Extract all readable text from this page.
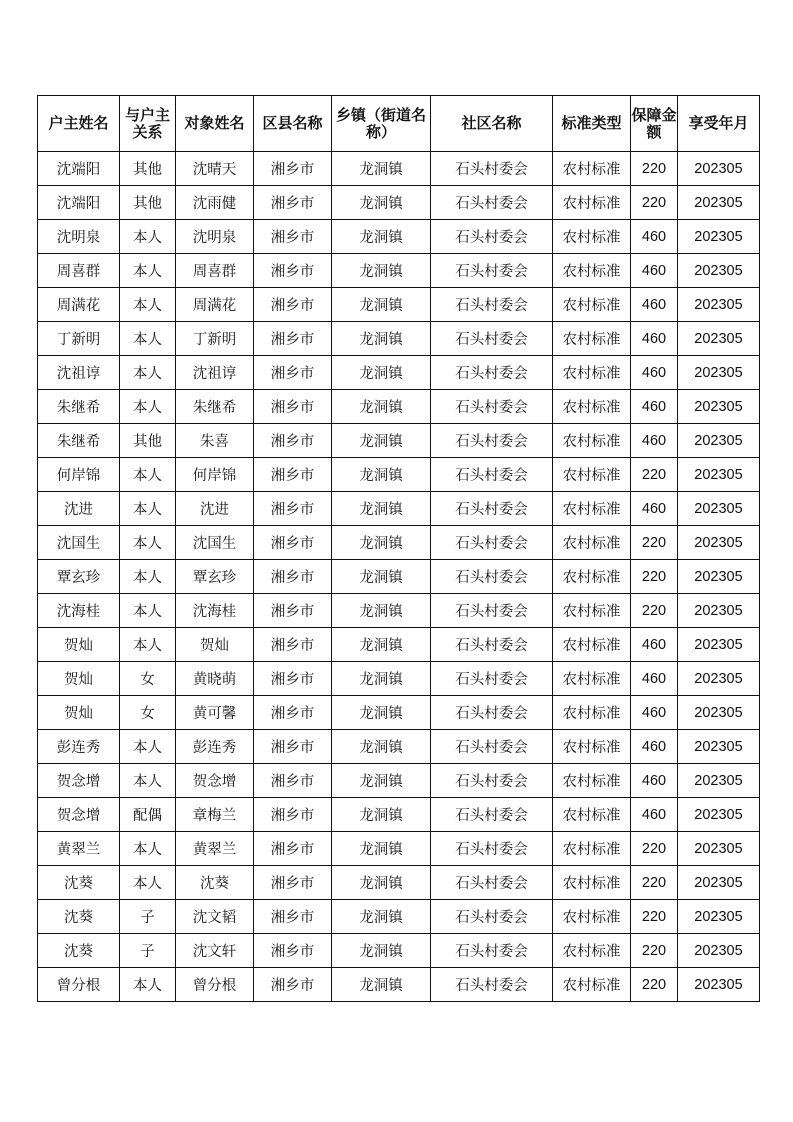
户主姓名	与户主关系	对象姓名	区县名称	乡镇（街道名称）	社区名称	标准类型	保障金额	享受年月
沈端阳	其他	沈晴天	湘乡市	龙洞镇	石头村委会	农村标准	220	202305
沈端阳	其他	沈雨健	湘乡市	龙洞镇	石头村委会	农村标准	220	202305
沈明泉	本人	沈明泉	湘乡市	龙洞镇	石头村委会	农村标准	460	202305
周喜群	本人	周喜群	湘乡市	龙洞镇	石头村委会	农村标准	460	202305
周满花	本人	周满花	湘乡市	龙洞镇	石头村委会	农村标准	460	202305
丁新明	本人	丁新明	湘乡市	龙洞镇	石头村委会	农村标准	460	202305
沈祖谆	本人	沈祖谆	湘乡市	龙洞镇	石头村委会	农村标准	460	202305
朱继希	本人	朱继希	湘乡市	龙洞镇	石头村委会	农村标准	460	202305
朱继希	其他	朱喜	湘乡市	龙洞镇	石头村委会	农村标准	460	202305
何岸锦	本人	何岸锦	湘乡市	龙洞镇	石头村委会	农村标准	220	202305
沈进	本人	沈进	湘乡市	龙洞镇	石头村委会	农村标准	460	202305
沈国生	本人	沈国生	湘乡市	龙洞镇	石头村委会	农村标准	220	202305
覃玄珍	本人	覃玄珍	湘乡市	龙洞镇	石头村委会	农村标准	220	202305
沈海桂	本人	沈海桂	湘乡市	龙洞镇	石头村委会	农村标准	220	202305
贺灿	本人	贺灿	湘乡市	龙洞镇	石头村委会	农村标准	460	202305
贺灿	女	黄晓萌	湘乡市	龙洞镇	石头村委会	农村标准	460	202305
贺灿	女	黄可馨	湘乡市	龙洞镇	石头村委会	农村标准	460	202305
彭连秀	本人	彭连秀	湘乡市	龙洞镇	石头村委会	农村标准	460	202305
贺念增	本人	贺念增	湘乡市	龙洞镇	石头村委会	农村标准	460	202305
贺念增	配偶	章梅兰	湘乡市	龙洞镇	石头村委会	农村标准	460	202305
黄翠兰	本人	黄翠兰	湘乡市	龙洞镇	石头村委会	农村标准	220	202305
沈葵	本人	沈葵	湘乡市	龙洞镇	石头村委会	农村标准	220	202305
沈葵	子	沈文韬	湘乡市	龙洞镇	石头村委会	农村标准	220	202305
沈葵	子	沈文轩	湘乡市	龙洞镇	石头村委会	农村标准	220	202305
曾分根	本人	曾分根	湘乡市	龙洞镇	石头村委会	农村标准	220	202305
